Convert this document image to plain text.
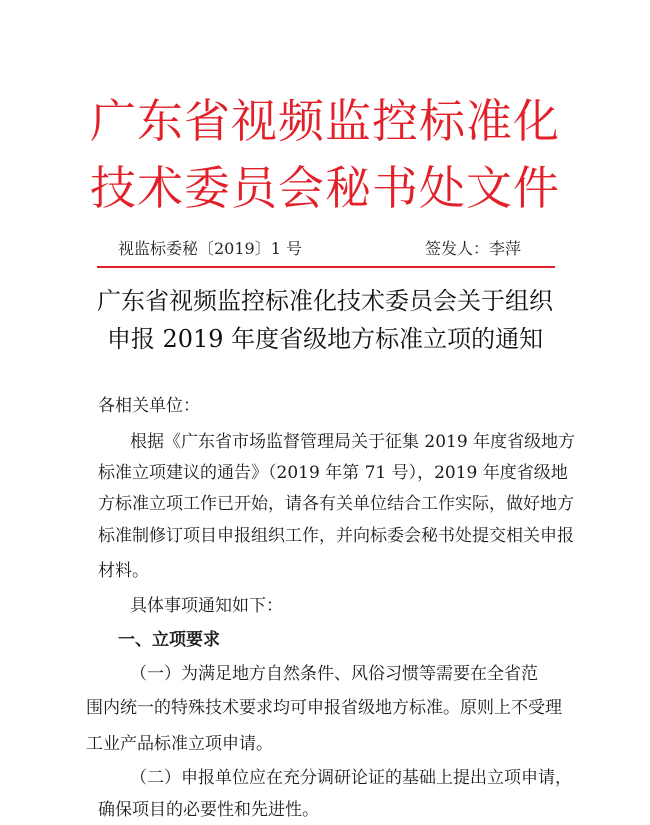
广东省视频监控标准化
技术委员会秘书处文件
视监标委秘〔2019〕1 号	签发人：李萍
广东省视频监控标准化技术委员会关于组织
申报 2019 年度省级地方标准立项的通知
各相关单位：
根据《广东省市场监督管理局关于征集 2019 年度省级地方
标准立项建议的通告》（2019 年第 71 号），2019 年度省级地
方标准立项工作已开始，请各有关单位结合工作实际，做好地方
标准制修订项目申报组织工作，并向标委会秘书处提交相关申报
材料。
具体事项通知如下：
一、立项要求
（一）为满足地方自然条件、风俗习惯等需要在全省范
围内统一的特殊技术要求均可申报省级地方标准。原则上不受理
工业产品标准立项申请。
（二）申报单位应在充分调研论证的基础上提出立项申请，
确保项目的必要性和先进性。
